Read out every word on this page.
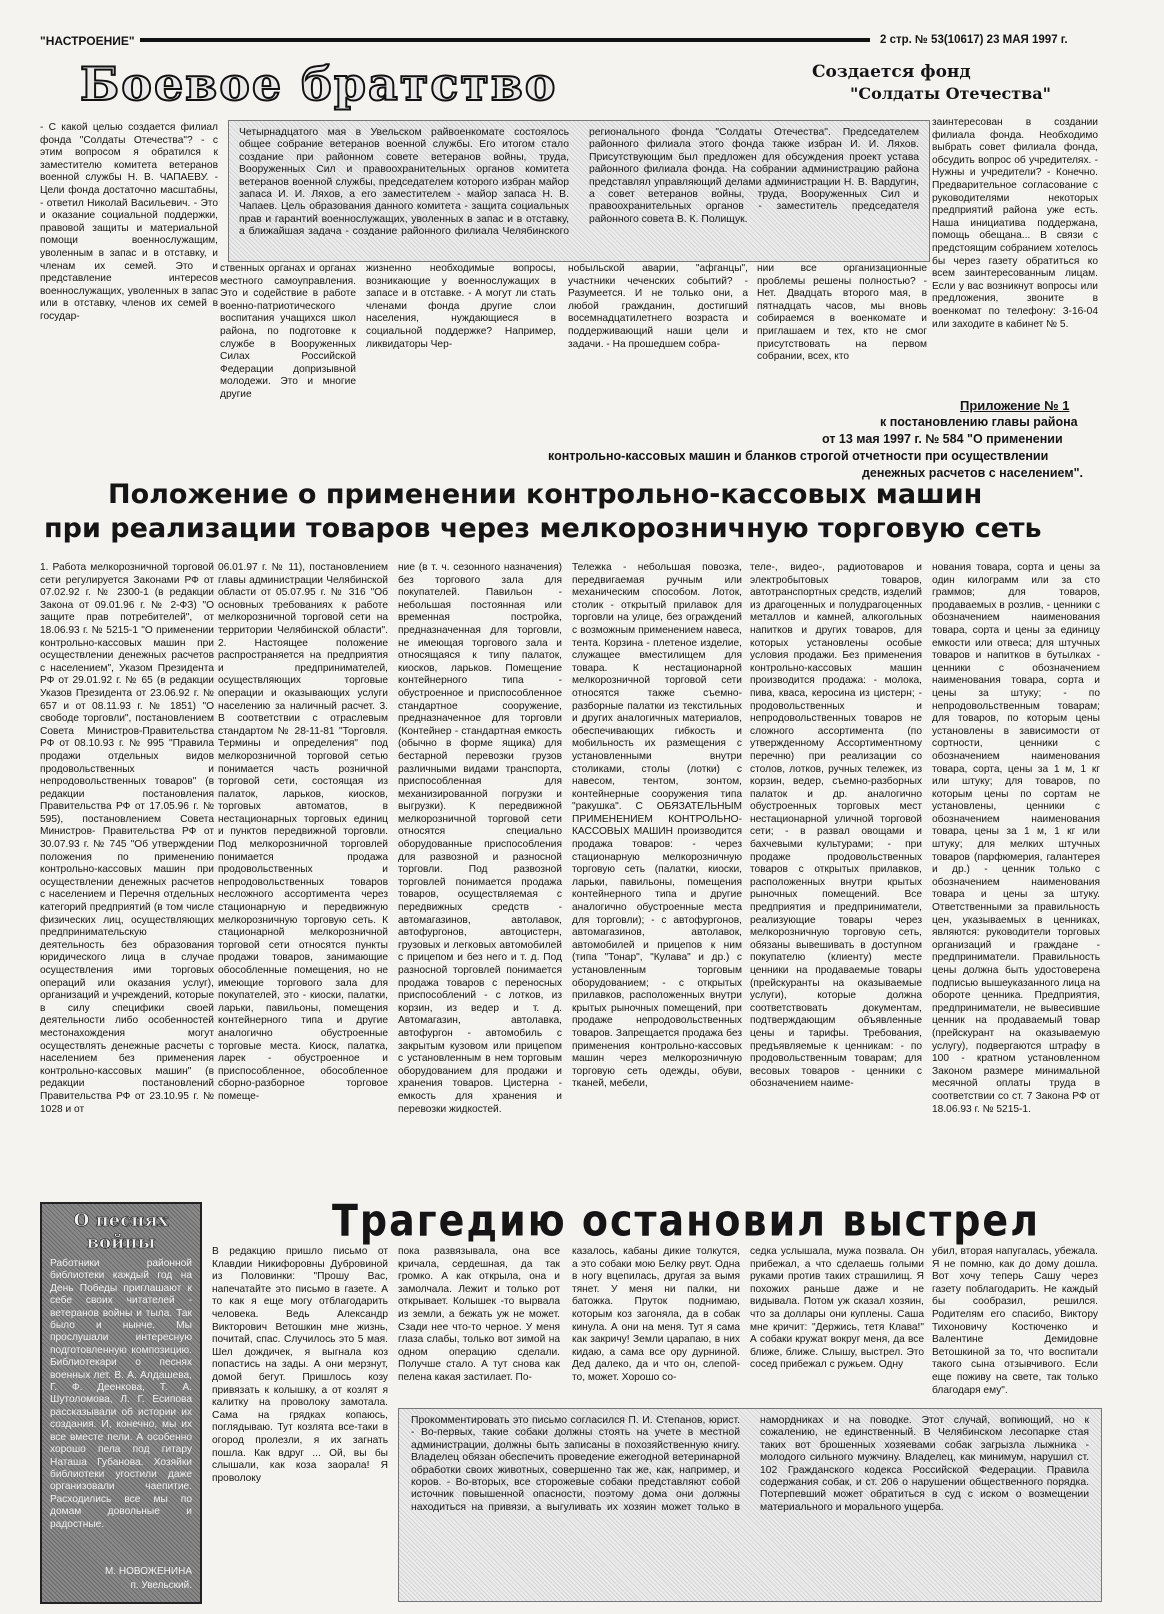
"НАСТРОЕНИЕ"	2 стр. № 53(10617) 23 МАЯ 1997 г.
Боевое братство	Создается фонд
"Солдаты Отечества"
Четырнадцатого мая в Увельском райвоенкомате состоялось общее собрание ветеранов военной службы. Его итогом стало создание при районном совете ветеранов войны, труда, Вооруженных Сил и правоохранительных органов комитета ветеранов военной службы, председателем которого избран майор запаса И. И. Ляхов, а его заместителем - майор запаса Н. В. Чапаев. Цель образования данного комитета - защита социальных прав и гарантий военнослужащих, уволенных в запас и в отставку, а ближайшая задача - создание районного филиала Челябинского регионального фонда "Солдаты Отечества". Председателем районного филиала этого фонда также избран И. И. Ляхов. Присутствующим был предложен для обсуждения проект устава районного филиала фонда. На собрании администрацию района представлял управляющий делами администрации Н. В. Вардугин, а совет ветеранов войны, труда, Вооруженных Сил и правоохранительных органов - заместитель председателя районного совета В. К. Полищук.
- С какой целью создается филиал фонда "Солдаты Отечества"? - с этим вопросом я обратился к заместителю комитета ветеранов военной службы Н. В. ЧАПАЕВУ. - Цели фонда достаточно масштабны, - ответил Николай Васильевич. - Это и оказание социальной поддержки, правовой защиты и материальной помощи военнослужащим, уволенным в запас и в отставку, и членам их семей. Это и представление интересов военнослужащих, уволенных в запас или в отставку, членов их семей в государ-
ственных органах и органах местного самоуправления. Это и содействие в работе военно-патриотического воспитания учащихся школ района, по подготовке к службе в Вооруженных Силах Российской Федерации допризывной молодежи. Это и многие другие
жизненно необходимые вопросы, возникающие у военнослужащих в запасе и в отставке. - А могут ли стать членами фонда другие слои населения, нуждающиеся в социальной поддержке? Например, ликвидаторы Чер-
нобыльской аварии, "афганцы", участники чеченских событий? - Разумеется. И не только они, а любой гражданин, достигший восемнадцатилетнего возраста и поддерживающий наши цели и задачи. - На прошедшем собра-
нии все организационные проблемы решены полностью? - Нет. Двадцать второго мая, в пятнадцать часов, мы вновь собираемся в военкомате и приглашаем и тех, кто не смог присутствовать на первом собрании, всех, кто
заинтересован в создании филиала фонда. Необходимо выбрать совет филиала фонда, обсудить вопрос об учредителях. - Нужны и учредители? - Конечно. Предварительное согласование с руководителями некоторых предприятий района уже есть. Наша инициатива поддержана, помощь обещана... В связи с предстоящим собранием хотелось бы через газету обратиться ко всем заинтересованным лицам. Если у вас возникнут вопросы или предложения, звоните в военкомат по телефону: 3-16-04 или заходите в кабинет № 5.
Приложение № 1
к постановлению главы района
от 13 мая 1997 г. № 584 "О применении
контрольно-кассовых машин и бланков строгой отчетности при осуществлении
денежных расчетов с населением".
Положение о применении контрольно-кассовых машин
при реализации товаров через мелкорозничную торговую сеть
1. Работа мелкорозничной торговой сети регулируется Законами РФ от 07.02.92 г. № 2300-1 (в редакции Закона от 09.01.96 г. № 2-ФЗ) "О защите прав потребителей", от 18.06.93 г. № 5215-1 "О применении контрольно-кассовых машин при осуществлении денежных расчетов с населением", Указом Президента РФ от 29.01.92 г. № 65 (в редакции Указов Президента от 23.06.92 г. № 657 и от 08.11.93 г. № 1851) "О свободе торговли", постановлением Совета Министров-Правительства РФ от 08.10.93 г. № 995 "Правила продажи отдельных видов продовольственных и непродовольственных товаров" (в редакции постановления Правительства РФ от 17.05.96 г. № 595), постановлением Совета Министров- Правительства РФ от 30.07.93 г. № 745 "Об утверждении положения по применению контрольно-кассовых машин при осуществлении денежных расчетов с населением и Перечня отдельных категорий предприятий (в том числе физических лиц, осуществляющих предпринимательскую деятельность без образования юридического лица в случае осуществления ими торговых операций или оказания услуг), организаций и учреждений, которые в силу специфики своей деятельности либо особенностей местонахождения могут осуществлять денежные расчеты с населением без применения контрольно-кассовых машин" (в редакции постановлений Правительства РФ от 23.10.95 г. № 1028 и от
06.01.97 г. № 11), постановлением главы администрации Челябинской области от 05.07.95 г. № 316 "Об основных требованиях к работе мелкорозничной торговой сети на территории Челябинской области". 2. Настоящее положение распространяется на предприятия и предпринимателей, осуществляющих торговые операции и оказывающих услуги населению за наличный расчет. 3. В соответствии с отраслевым стандартом № 28-11-81 "Торговля. Термины и определения" под мелкорозничной торговой сетью понимается часть розничной торговой сети, состоящая из палаток, ларьков, киосков, торговых автоматов, в нестационарных торговых единиц и пунктов передвижной торговли. Под мелкорозничной торговлей понимается продажа продовольственных и непродовольственных товаров несложного ассортимента через стационарную и передвижную мелкорозничную торговую сеть. К стационарной мелкорозничной торговой сети относятся пункты продажи товаров, занимающие обособленные помещения, но не имеющие торгового зала для покупателей, это - киоски, палатки, ларьки, павильоны, помещения контейнерного типа и другие аналогично обустроенные торговые места. Киоск, палатка, ларек - обустроенное и приспособленное, обособленное сборно-разборное торговое помеще-
ние (в т. ч. сезонного назначения) без торгового зала для покупателей. Павильон - небольшая постоянная или временная постройка, предназначенная для торговли, не имеющая торгового зала и относящаяся к типу палаток, киосков, ларьков. Помещение контейнерного типа - обустроенное и приспособленное стандартное сооружение, предназначенное для торговли (Контейнер - стандартная емкость (обычно в форме ящика) для бестарной перевозки грузов различными видами транспорта, приспособленная для механизированной погрузки и выгрузки). К передвижной мелкорозничной торговой сети относятся специально оборудованные приспособления для развозной и разносной торговли. Под развозной торговлей понимается продажа товаров, осуществляемая с передвижных средств - автомагазинов, автолавок, автофургонов, автоцистерн, грузовых и легковых автомобилей с прицепом и без него и т. д. Под разносной торговлей понимается продажа товаров с переносных приспособлений - с лотков, из корзин, из ведер и т. д. Автомагазин, автолавка, автофургон - автомобиль с закрытым кузовом или прицепом с установленным в нем торговым оборудованием для продажи и хранения товаров. Цистерна - емкость для хранения и перевозки жидкостей.
Тележка - небольшая повозка, передвигаемая ручным или механическим способом. Лоток, столик - открытый прилавок для торговли на улице, без ограждений с возможным применением навеса, тента. Корзина - плетеное изделие, служащее вместилищем для товара. К нестационарной мелкорозничной торговой сети относятся также съемно-разборные палатки из текстильных и других аналогичных материалов, обеспечивающих гибкость и мобильность их размещения с установленными внутри столиками, столы (лотки) с навесом, тентом, зонтом, контейнерные сооружения типа "ракушка". С ОБЯЗАТЕЛЬНЫМ ПРИМЕНЕНИЕМ КОНТРОЛЬНО-КАССОВЫХ МАШИН производится продажа товаров: - через стационарную мелкорозничную торговую сеть (палатки, киоски, ларьки, павильоны, помещения контейнерного типа и другие аналогично обустроенные места для торговли); - с автофургонов, автомагазинов, автолавок, автомобилей и прицепов к ним (типа "Тонар", "Кулава" и др.) с установленным торговым оборудованием; - с открытых прилавков, расположенных внутри крытых рыночных помещений, при продаже непродовольственных товаров. Запрещается продажа без применения контрольно-кассовых машин через мелкорозничную торговую сеть одежды, обуви, тканей, мебели,
теле-, видео-, радиотоваров и электробытовых товаров, автотранспортных средств, изделий из драгоценных и полудрагоценных металлов и камней, алкогольных напитков и других товаров, для которых установлены особые условия продажи. Без применения контрольно-кассовых машин производится продажа: - молока, пива, кваса, керосина из цистерн; - продовольственных и непродовольственных товаров не сложного ассортимента (по утвержденному Ассортиментному перечню) при реализации со столов, лотков, ручных тележек, из корзин, ведер, съемно-разборных палаток и др. аналогично обустроенных торговых мест нестационарной уличной торговой сети; - в развал овощами и бахчевыми культурами; - при продаже продовольственных товаров с открытых прилавков, расположенных внутри крытых рыночных помещений. Все предприятия и предприниматели, реализующие товары через мелкорозничную торговую сеть, обязаны вывешивать в доступном покупателю (клиенту) месте ценники на продаваемые товары (прейскуранты на оказываемые услуги), которые должна соответствовать документам, подтверждающим объявленные цены и тарифы. Требования, предъявляемые к ценникам: - по продовольственным товарам; для весовых товаров - ценники с обозначением наиме-
нования товара, сорта и цены за один килограмм или за сто граммов; для товаров, продаваемых в розлив, - ценники с обозначением наименования товара, сорта и цены за единицу емкости или отвеса; для штучных товаров и напитков в бутылках - ценники с обозначением наименования товара, сорта и цены за штуку; - по непродовольственным товарам; для товаров, по которым цены установлены в зависимости от сортности, ценники с обозначением наименования товара, сорта, цены за 1 м, 1 кг или штуку; для товаров, по которым цены по сортам не установлены, ценники с обозначением наименования товара, цены за 1 м, 1 кг или штуку; для мелких штучных товаров (парфюмерия, галантерея и др.) - ценник только с обозначением наименования товара и цены за штуку. Ответственными за правильность цен, указываемых в ценниках, являются: руководители торговых организаций и граждане - предприниматели. Правильность цены должна быть удостоверена подписью вышеуказанного лица на обороте ценника. Предприятия, предприниматели, не вывесившие ценник на продаваемый товар (прейскурант на оказываемую услугу), подвергаются штрафу в 100 - кратном установленном Законом размере минимальной месячной оплаты труда в соответствии со ст. 7 Закона РФ от 18.06.93 г. № 5215-1.
О песнях
войны
Работники районной библиотеки каждый год на День Победы приглашают к себе своих читателей - ветеранов войны и тыла. Так было и нынче. Мы прослушали интересную подготовленную композицию. Библиотекари о песнях военных лет. В. А. Алдашева, Г. Ф. Деенкова, Т. А. Шутоломова, Л. Г. Есипова рассказывали об истории их создания. И, конечно, мы их все вместе пели. А особенно хорошо пела под гитару Наташа Губанова. Хозяйки библиотеки угостили даже организовали чаепитие. Расходились все мы по домам довольные и радостные.
М. НОВОЖЕНИНА
п. Увельский.
Трагедию остановил выстрел
В редакцию пришло письмо от Клавдии Никифоровны Дубровиной из Половинки: "Прошу Вас, напечатайте это письмо в газете. А то как я еще могу отблагодарить человека. Ведь Александр Викторович Ветошкин мне жизнь, почитай, спас. Случилось это 5 мая. Шел дождичек, я выгнала коз попастись на зады. А они мерзнут, домой бегут. Пришлось козу привязать к колышку, а от козлят я калитку на проволоку замотала. Сама на грядках копаюсь, поглядываю. Тут козлята все-таки в огород пролезли, я их загнать пошла. Как вдруг ... Ой, вы бы слышали, как коза заорала! Я проволоку
пока развязывала, она все кричала, сердешная, да так громко. А как открыла, она и замолчала. Лежит и только рот открывает. Колышек -то вырвала из земли, а бежать уж не может. Сзади нее что-то черное. У меня глаза слабы, только вот зимой на одном операцию сделали. Получше стало. А тут снова как пелена какая застилает. По-
казалось, кабаны дикие толкутся, а это собаки мою Белку рвут. Одна в ногу вцепилась, другая за вымя тянет. У меня ни палки, ни батожка. Пруток поднимаю, которым коз загоняла, да в собак кинула. А они на меня. Тут я сама как закричу! Земли царапаю, в них кидаю, а сама все ору дурниной. Дед далеко, да и что он, слепой-то, может. Хорошо со-
седка услышала, мужа позвала. Он прибежал, а что сделаешь голыми руками против таких страшилищ. Я похожих раньше даже и не видывала. Потом уж сказал хозяин, что за доллары они куплены. Саша мне кричит: "Держись, тетя Клава!" А собаки кружат вокруг меня, да все ближе, ближе. Слышу, выстрел. Это сосед прибежал с ружьем. Одну
убил, вторая напугалась, убежала. Я не помню, как до дому дошла. Вот хочу теперь Сашу через газету поблагодарить. Не каждый бы сообразил, решился. Родителям его спасибо, Виктору Тихоновичу Костюченко и Валентине Демидовне Ветошкиной за то, что воспитали такого сына отзывчивого. Если еще поживу на свете, так только благодаря ему".
Прокомментировать это письмо согласился П. И. Степанов, юрист. - Во-первых, такие собаки должны стоять на учете в местной администрации, должны быть записаны в похозяйственную книгу. Владелец обязан обеспечить проведение ежегодной ветеринарной обработки своих животных, совершенно так же, как, например, и коров. - Во-вторых, все сторожевые собаки представляют собой источник повышенной опасности, поэтому дома они должны находиться на привязи, а выгуливать их хозяин может только в намордниках и на поводке. Этот случай, вопиющий, но к сожалению, не единственный. В Челябинском лесопарке стая таких вот брошенных хозяевами собак загрызла лыжника - молодого сильного мужчину. Владелец, как минимум, нарушил ст. 102 Гражданского кодекса Российской Федерации. Правила содержания собак, и ст. 206 о нарушении общественного порядка. Потерпевший может обратиться в суд с иском о возмещении материального и морального ущерба.
